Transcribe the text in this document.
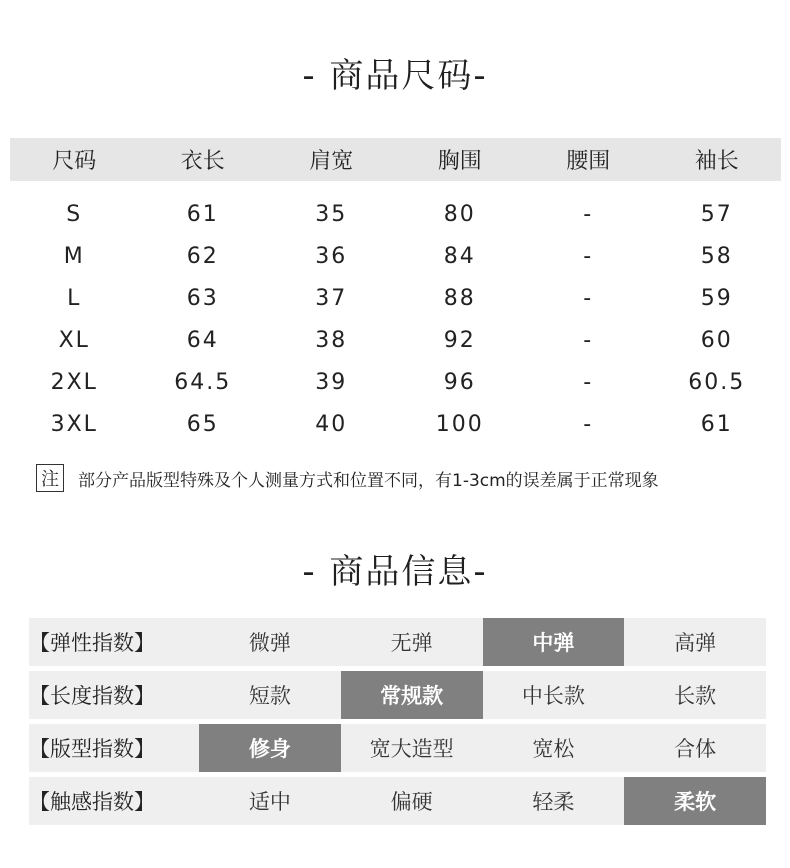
- 商品尺码-
尺码	衣长	肩宽	胸围	腰围	袖长
S	61	35	80	-	57
M	62	36	84	-	58
L	63	37	88	-	59
XL	64	38	92	-	60
2XL	64.5	39	96	-	60.5
3XL	65	40	100	-	61
注 部分产品版型特殊及个人测量方式和位置不同，有1-3cm的误差属于正常现象
- 商品信息-
【弹性指数】	微弹	无弹	中弹	高弹
【长度指数】	短款	常规款	中长款	长款
【版型指数】	修身	宽大造型	宽松	合体
【触感指数】	适中	偏硬	轻柔	柔软
